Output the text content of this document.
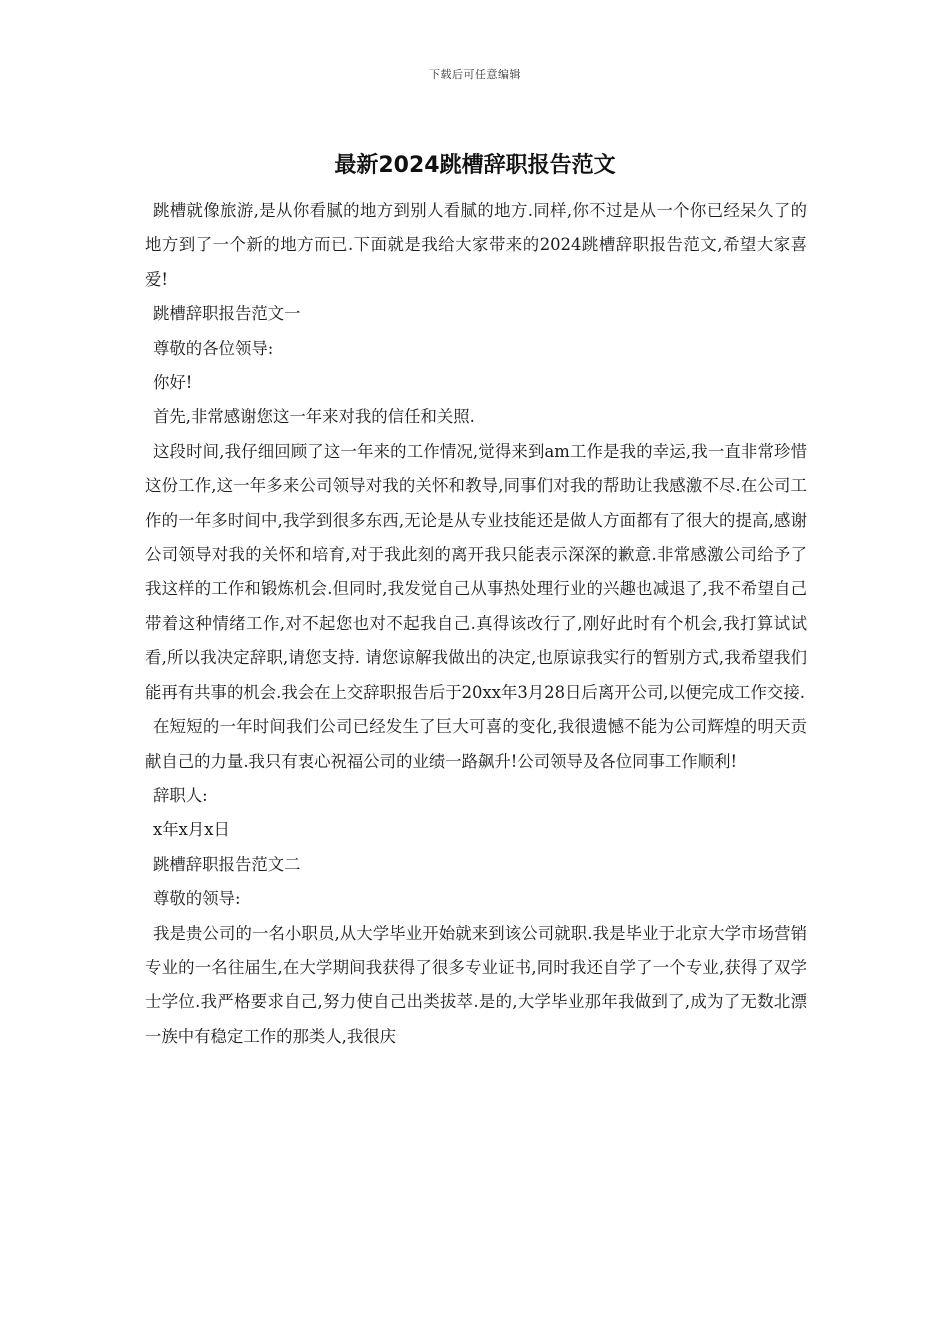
下载后可任意编辑
最新2024跳槽辞职报告范文

跳槽就像旅游,是从你看腻的地方到别人看腻的地方.同样,你不过是从一个你已经呆久了的地方到了一个新的地方而已.下面就是我给大家带来的2024跳槽辞职报告范文,希望大家喜爱!

跳槽辞职报告范文一

尊敬的各位领导:

你好!

首先,非常感谢您这一年来对我的信任和关照.

这段时间,我仔细回顾了这一年来的工作情况,觉得来到am工作是我的幸运,我一直非常珍惜这份工作,这一年多来公司领导对我的关怀和教导,同事们对我的帮助让我感激不尽.在公司工作的一年多时间中,我学到很多东西,无论是从专业技能还是做人方面都有了很大的提高,感谢公司领导对我的关怀和培育,对于我此刻的离开我只能表示深深的歉意.非常感激公司给予了我这样的工作和锻炼机会.但同时,我发觉自己从事热处理行业的兴趣也减退了,我不希望自己带着这种情绪工作,对不起您也对不起我自己.真得该改行了,刚好此时有个机会,我打算试试看,所以我决定辞职,请您支持. 请您谅解我做出的决定,也原谅我实行的暂别方式,我希望我们能再有共事的机会.我会在上交辞职报告后于20xx年3月28日后离开公司,以便完成工作交接.

在短短的一年时间我们公司已经发生了巨大可喜的变化,我很遗憾不能为公司辉煌的明天贡献自己的力量.我只有衷心祝福公司的业绩一路飙升!公司领导及各位同事工作顺利!

辞职人:

x年x月x日

跳槽辞职报告范文二

尊敬的领导:

我是贵公司的一名小职员,从大学毕业开始就来到该公司就职.我是毕业于北京大学市场营销专业的一名往届生,在大学期间我获得了很多专业证书,同时我还自学了一个专业,获得了双学士学位.我严格要求自己,努力使自己出类拔萃.是的,大学毕业那年我做到了,成为了无数北漂一族中有稳定工作的那类人,我很庆
